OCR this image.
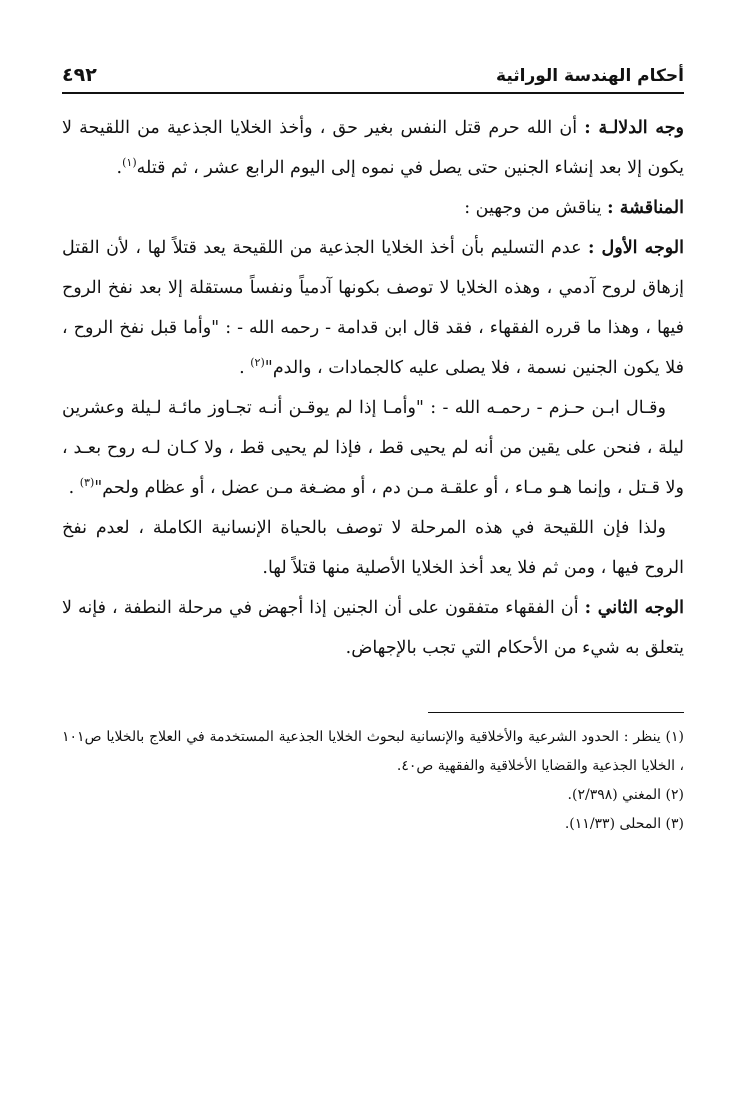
أحكام الهندسة الوراثية
٤٩٢

وجه الدلالـة : أن الله حرم قتل النفس بغير حق ، وأخذ الخلايا الجذعية من اللقيحة لا يكون إلا بعد إنشاء الجنين حتى يصل في نموه إلى اليوم الرابع عشر ، ثم قتله$^{(١)}$.

المناقشة : يناقش من وجهين :

الوجه الأول : عدم التسليم بأن أخذ الخلايا الجذعية من اللقيحة يعد قتلاً لها ، لأن القتل إزهاق لروح آدمي ، وهذه الخلايا لا توصف بكونها آدمياً ونفساً مستقلة إلا بعد نفخ الروح فيها ، وهذا ما قرره الفقهاء ، فقد قال ابن قدامة - رحمه الله - : "وأما قبل نفخ الروح ، فلا يكون الجنين نسمة ، فلا يصلى عليه كالجمادات ، والدم"$^{(٢)}$ .

وقـال ابـن حـزم - رحمـه الله - : "وأمـا إذا لم يوقـن أنـه تجـاوز مائـة لـيلة وعشرين ليلة ، فنحن على يقين من أنه لم يحيى قط ، فإذا لم يحيى قط ، ولا كـان لـه روح بعـد ، ولا قـتل ، وإنما هـو مـاء ، أو علقـة مـن دم ، أو مضـغة مـن عضل ، أو عظام ولحم"$^{(٣)}$ .

ولذا فإن اللقيحة في هذه المرحلة لا توصف بالحياة الإنسانية الكاملة ، لعدم نفخ الروح فيها ، ومن ثم فلا يعد أخذ الخلايا الأصلية منها قتلاً لها.

الوجه الثاني : أن الفقهاء متفقون على أن الجنين إذا أجهض في مرحلة النطفة ، فإنه لا يتعلق به شيء من الأحكام التي تجب بالإجهاض.

(١) ينظر : الحدود الشرعية والأخلاقية والإنسانية لبحوث الخلايا الجذعية المستخدمة في العلاج بالخلايا ص١٠١ ، الخلايا الجذعية والقضايا الأخلاقية والفقهية ص٤٠.

(٢) المغني (٢/٣٩٨).

(٣) المحلى (١١/٣٣).
